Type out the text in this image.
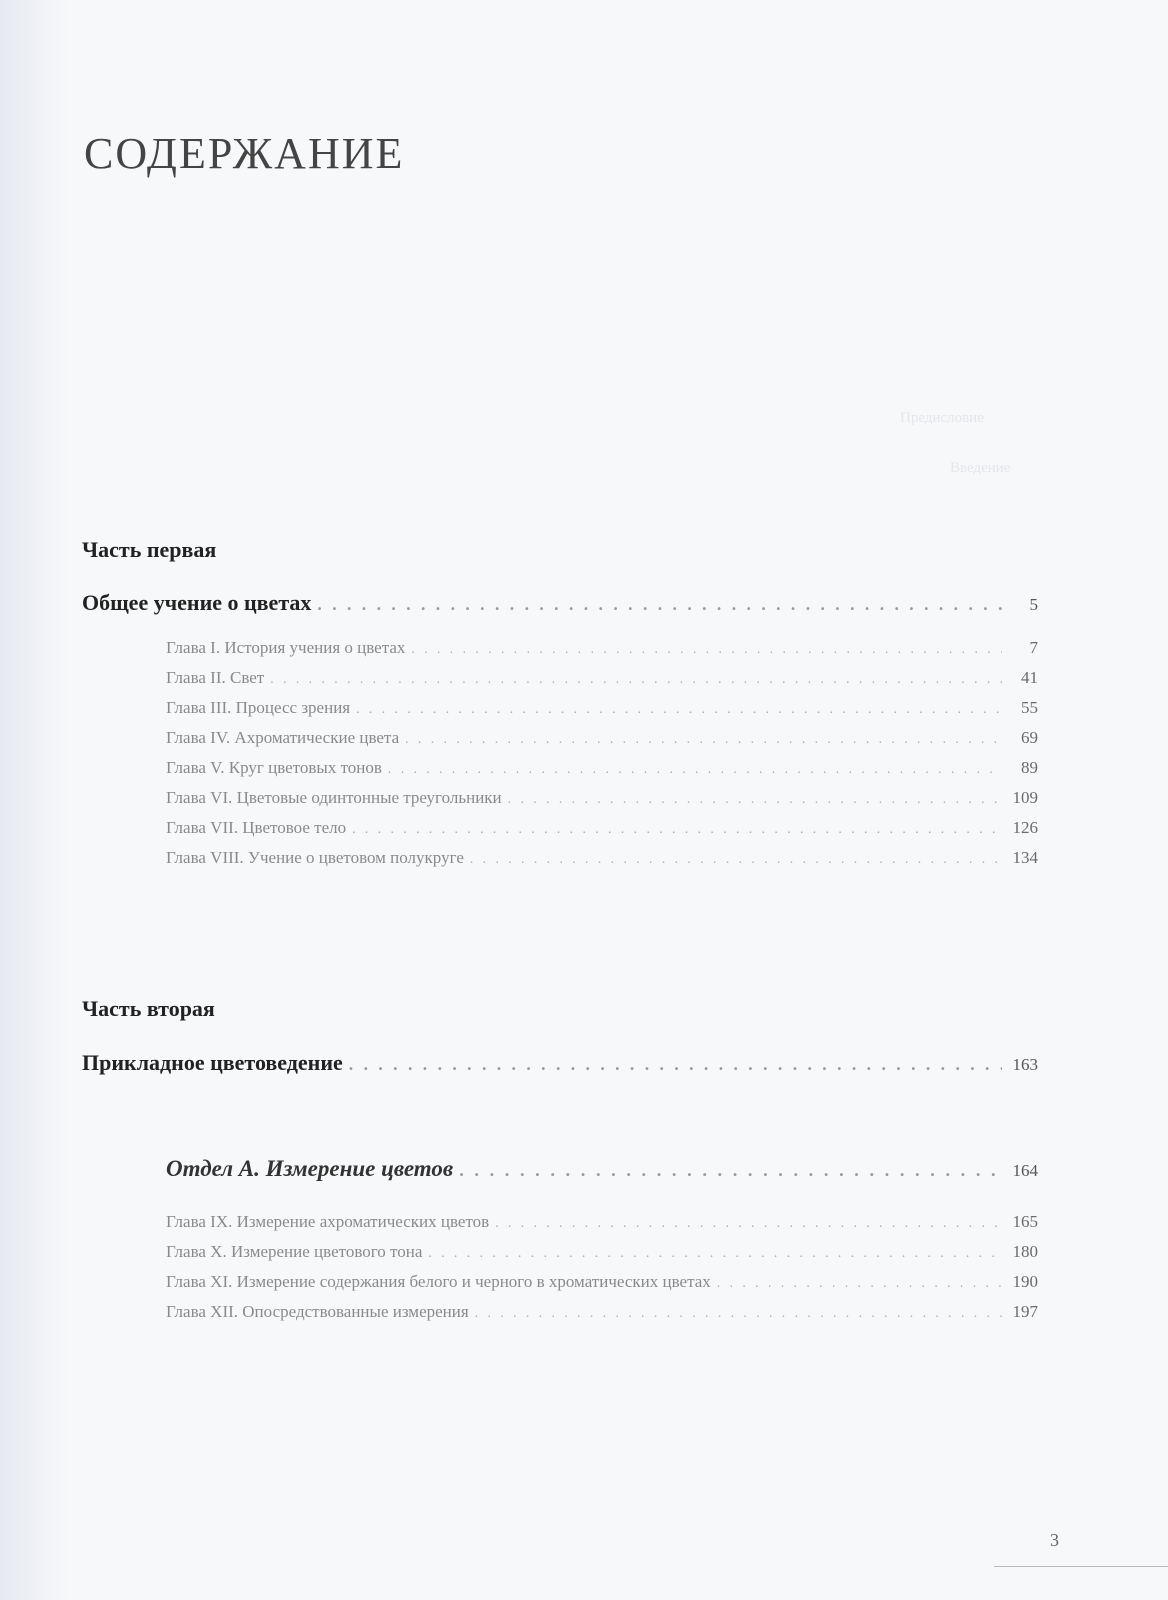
Предисловие
Введение
СОДЕРЖАНИЕ
Часть первая
Общее учение о цветах . . .	5
Глава I. История учения о цветах . . .	7
Глава II. Свет . . .	41
Глава III. Процесс зрения . . .	55
Глава IV. Ахроматические цвета . . .	69
Глава V. Круг цветовых тонов . . .	89
Глава VI. Цветовые одинтонные треугольники . . .	109
Глава VII. Цветовое тело . . .	126
Глава VIII. Учение о цветовом полукруге . . .	134
Часть вторая
Прикладное цветоведение . . .	163
Отдел А. Измерение цветов . . .	164
Глава IX. Измерение ахроматических цветов . . .	165
Глава X. Измерение цветового тона . . .	180
Глава XI. Измерение содержания белого и черного в хроматических цветах . . .	190
Глава XII. Опосредствованные измерения . . .	197
3
